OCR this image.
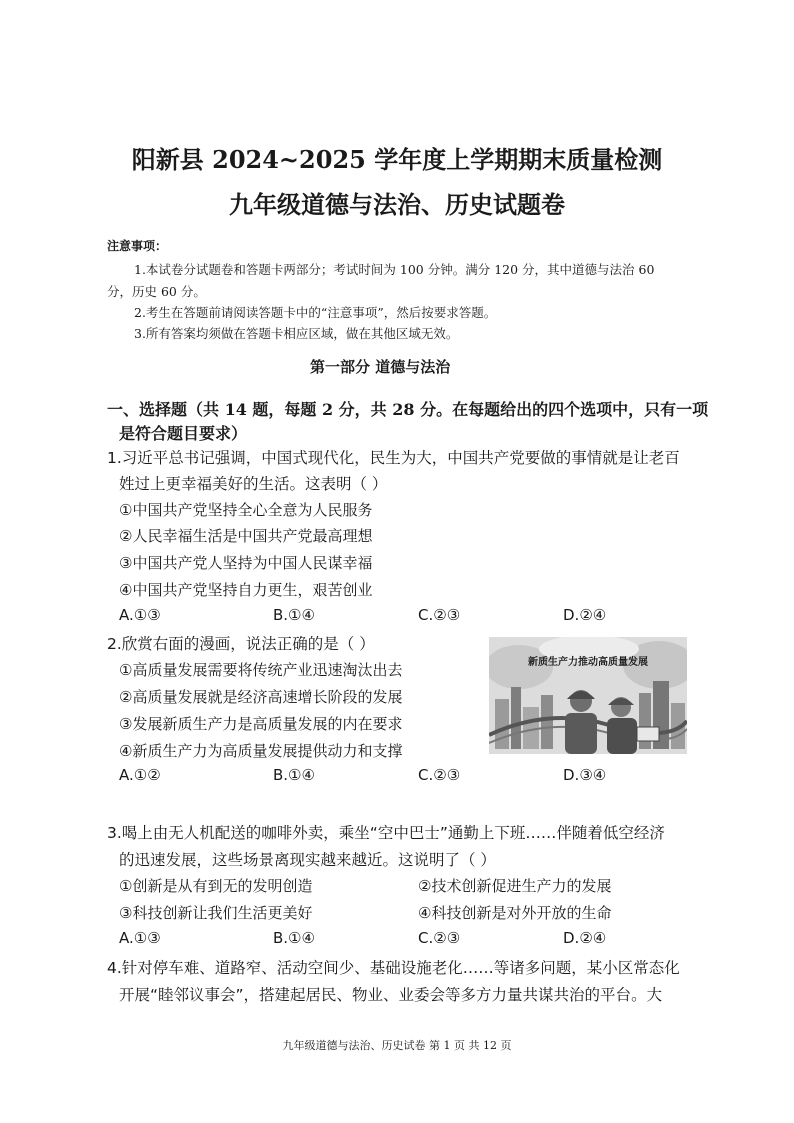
阳新县 2024~2025 学年度上学期期末质量检测
九年级道德与法治、历史试题卷
注意事项：
1.本试卷分试题卷和答题卡两部分；考试时间为 100 分钟。满分 120 分，其中道德与法治 60
分，历史 60 分。
2.考生在答题前请阅读答题卡中的“注意事项”，然后按要求答题。
3.所有答案均须做在答题卡相应区域，做在其他区域无效。
第一部分 道德与法治
一、选择题（共 14 题，每题 2 分，共 28 分。在每题给出的四个选项中，只有一项
是符合题目要求）
1.习近平总书记强调，中国式现代化，民生为大，中国共产党要做的事情就是让老百
姓过上更幸福美好的生活。这表明（ ）
①中国共产党坚持全心全意为人民服务
②人民幸福生活是中国共产党最高理想
③中国共产党人坚持为中国人民谋幸福
④中国共产党坚持自力更生，艰苦创业
A.①③	B.①④	C.②③	D.②④
2.欣赏右面的漫画，说法正确的是（ ）
①高质量发展需要将传统产业迅速淘汰出去
②高质量发展就是经济高速增长阶段的发展
③发展新质生产力是高质量发展的内在要求
④新质生产力为高质量发展提供动力和支撑
A.①②	B.①④	C.②③	D.③④
新质生产力推动高质量发展
3.喝上由无人机配送的咖啡外卖，乘坐“空中巴士”通勤上下班……伴随着低空经济
的迅速发展，这些场景离现实越来越近。这说明了（ ）
①创新是从有到无的发明创造	②技术创新促进生产力的发展
③科技创新让我们生活更美好	④科技创新是对外开放的生命
A.①③	B.①④	C.②③	D.②④
4.针对停车难、道路窄、活动空间少、基础设施老化……等诸多问题，某小区常态化
开展“睦邻议事会”，搭建起居民、物业、业委会等多方力量共谋共治的平台。大
九年级道德与法治、历史试卷 第 1 页 共 12 页
